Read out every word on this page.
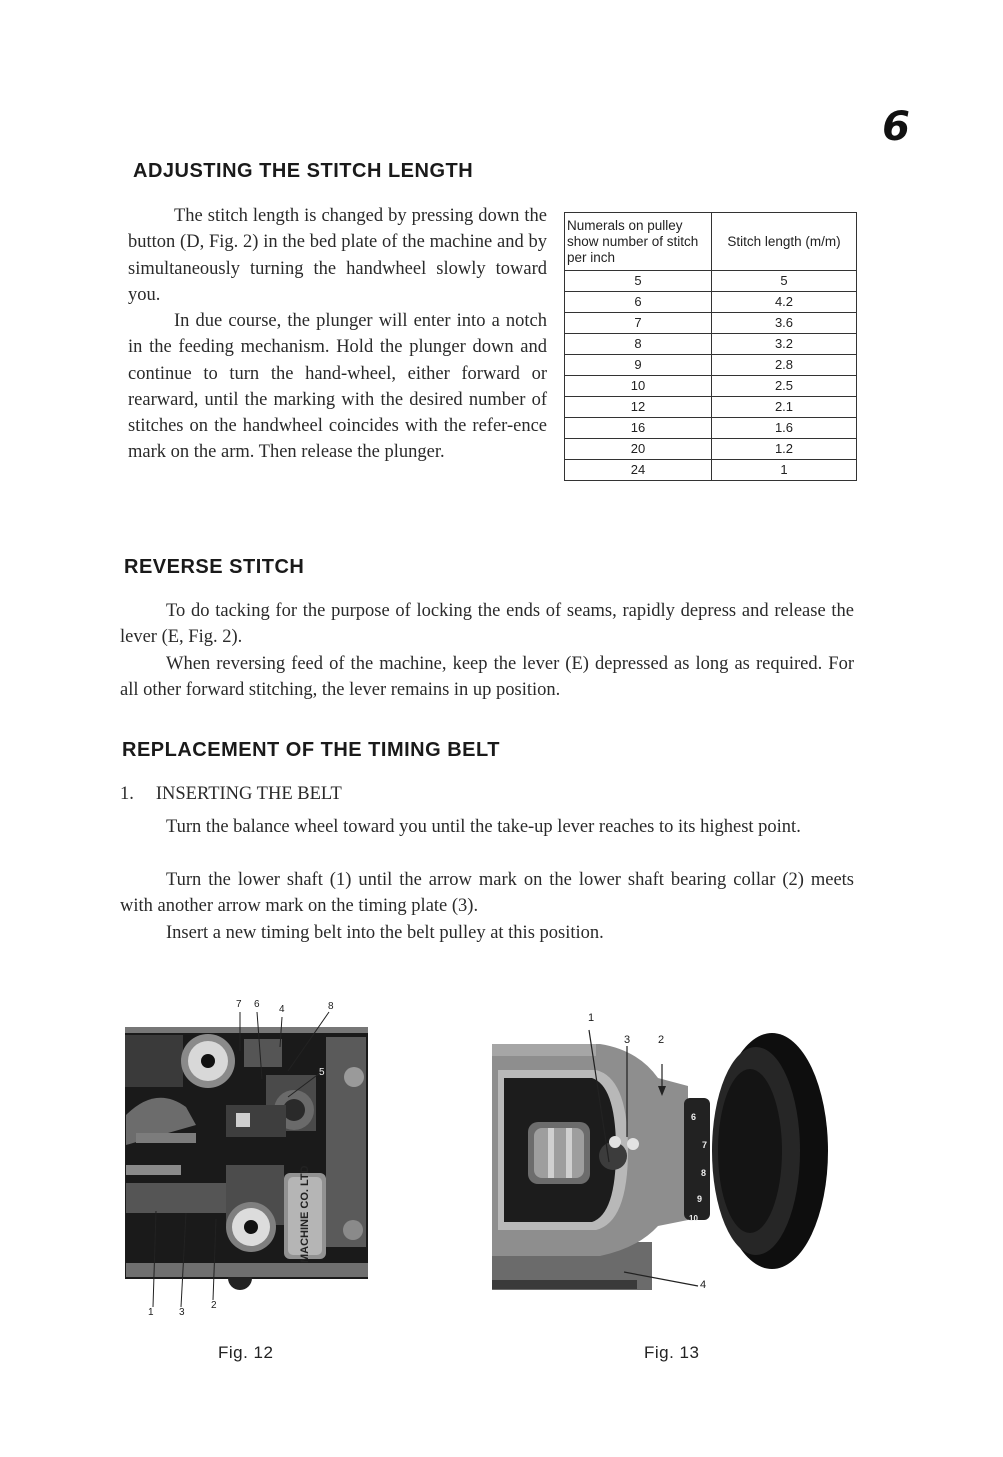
6
ADJUSTING THE STITCH LENGTH

The stitch length is changed by pressing down the button (D, Fig. 2) in the bed plate of the machine and by simultaneously turning the handwheel slowly toward you.

In due course, the plunger will enter into a notch in the feeding mechanism. Hold the plunger down and continue to turn the hand-wheel, either forward or rearward, until the marking with the desired number of stitches on the handwheel coincides with the refer-ence mark on the arm. Then release the plunger.

Numerals on pulley show number of stitch per inch	Stitch length (m/m)
5	5
6	4.2
7	3.6
8	3.2
9	2.8
10	2.5
12	2.1
16	1.6
20	1.2
24	1
REVERSE STITCH

To do tacking for the purpose of locking the ends of seams, rapidly depress and release the lever (E, Fig. 2).

When reversing feed of the machine, keep the lever (E) depressed as long as required. For all other forward stitching, the lever remains in up position.

REPLACEMENT OF THE TIMING BELT
1. INSERTING THE BELT

Turn the balance wheel toward you until the take-up lever reaches to its highest point.

Turn the lower shaft (1) until the arrow mark on the lower shaft bearing collar (2) meets with another arrow mark on the timing plate (3).

Insert a new timing belt into the belt pulley at this position.

MACHINE CO. LTD
7 6 4	8
5
1	3
2
Fig. 12
1
3	2
4
6
7
8
9
10
Fig. 13
